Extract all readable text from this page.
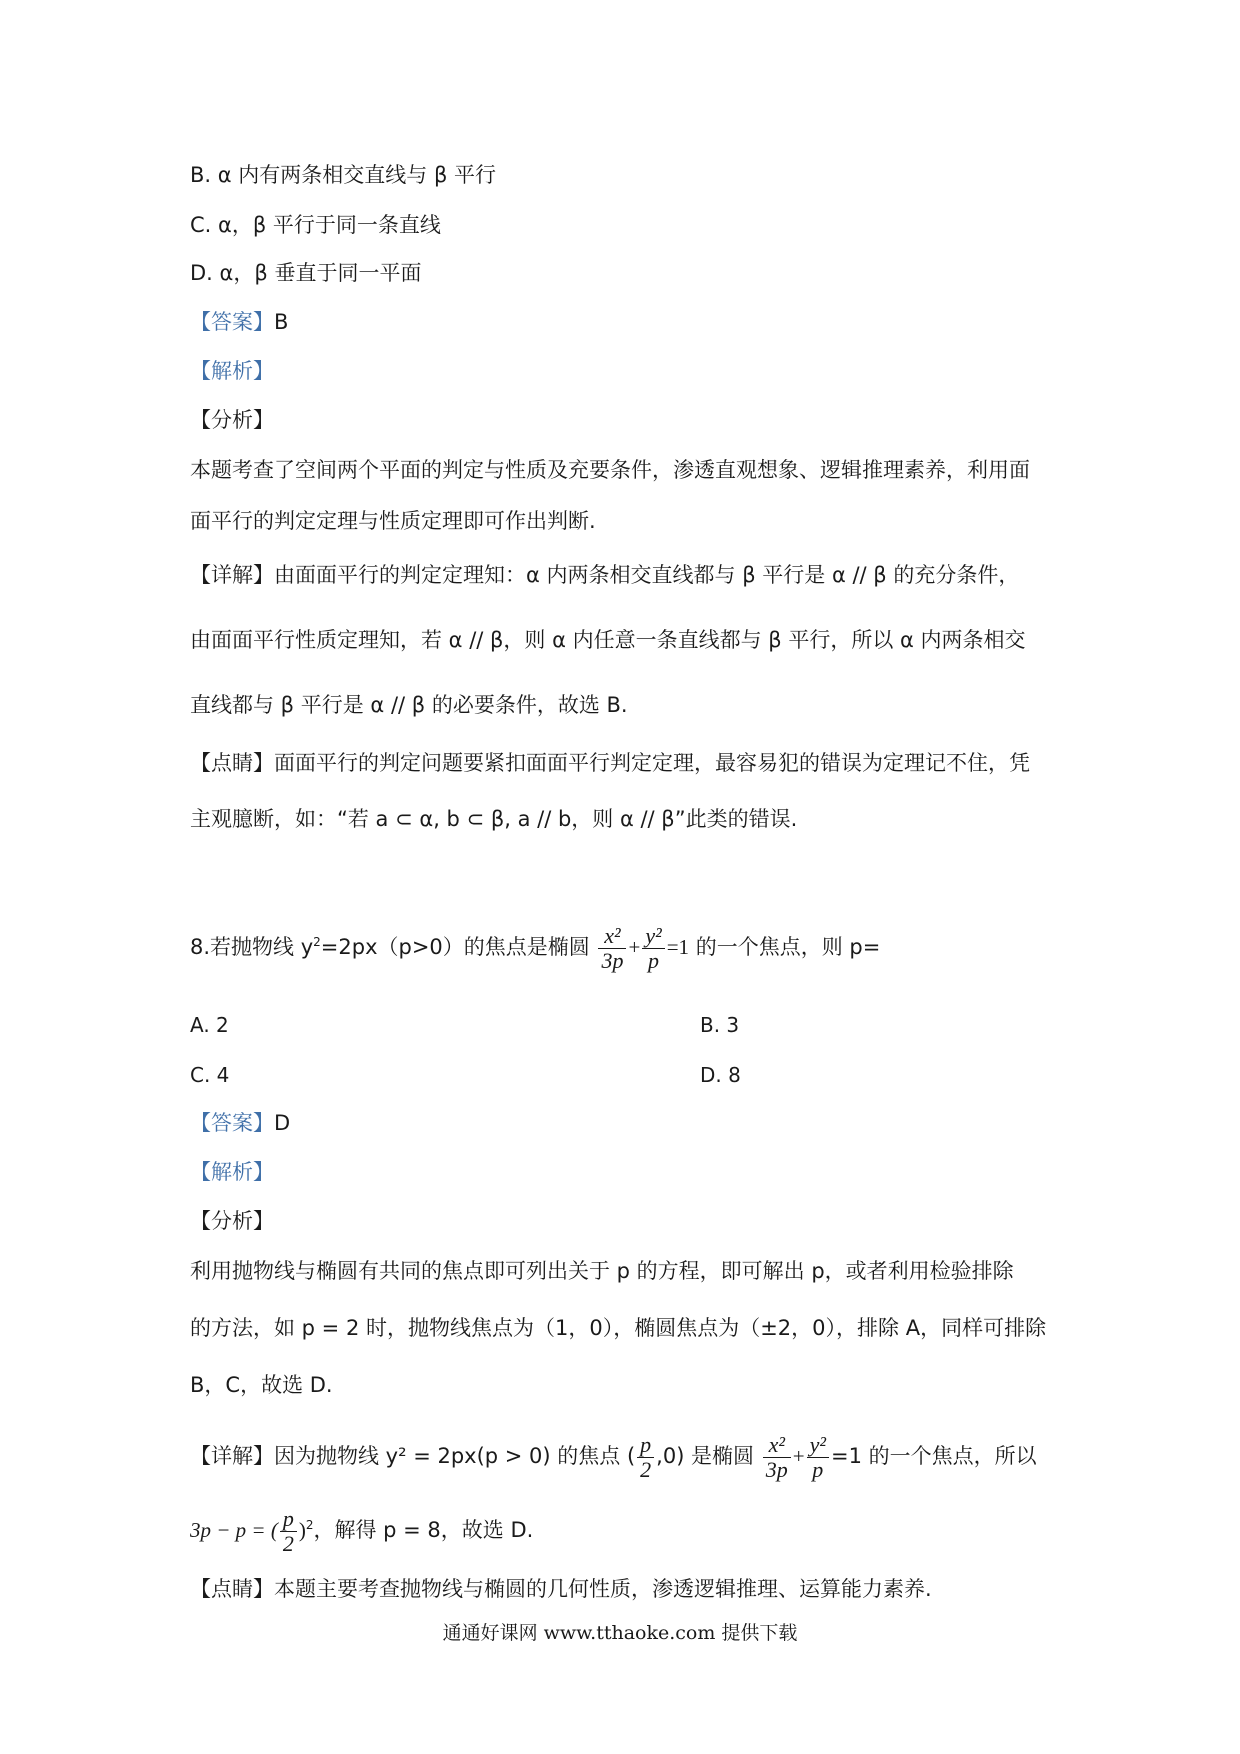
B. α 内有两条相交直线与 β 平行
C. α，β 平行于同一条直线
D. α，β 垂直于同一平面
【答案】B
【解析】
【分析】
本题考查了空间两个平面的判定与性质及充要条件，渗透直观想象、逻辑推理素养，利用面
面平行的判定定理与性质定理即可作出判断.
【详解】由面面平行的判定定理知：α 内两条相交直线都与 β 平行是 α // β 的充分条件，
由面面平行性质定理知，若 α // β，则 α 内任意一条直线都与 β 平行，所以 α 内两条相交
直线都与 β 平行是 α // β 的必要条件，故选 B.
【点睛】面面平行的判定问题要紧扣面面平行判定定理，最容易犯的错误为定理记不住，凭
主观臆断，如：“若 a ⊂ α, b ⊂ β, a // b，则 α // β”此类的错误.
8.若抛物线 $y^2=2px(p>0)$的焦点是椭圆 $\frac{\text{x²}}{3p} + \frac{\text{y²}}{p} =1$ 的一个焦点，则 p=
A. 2	B. 3
C. 4	D. 8
【答案】D
【解析】
【分析】
利用抛物线与椭圆有共同的焦点即可列出关于 p 的方程，即可解出 p，或者利用检验排除
的方法，如 p = 2 时，抛物线焦点为（1，0），椭圆焦点为（±2，0），排除 A，同样可排除
B，C，故选 D.
【详解】因为抛物线 y² = 2px(p > 0) 的焦点 ( $\frac{p}{2} ,0$) 是椭圆 $\frac{\text{x²}}{3p} + \frac{\text{y²}}{p} =1$ 的一个焦点，所以
3p − p = ( $\frac{p}{2} )^2$，解得 p = 8，故选 D.
【点睛】本题主要考查抛物线与椭圆的几何性质，渗透逻辑推理、运算能力素养.
通通好课网 www.tthaoke.com 提供下载
